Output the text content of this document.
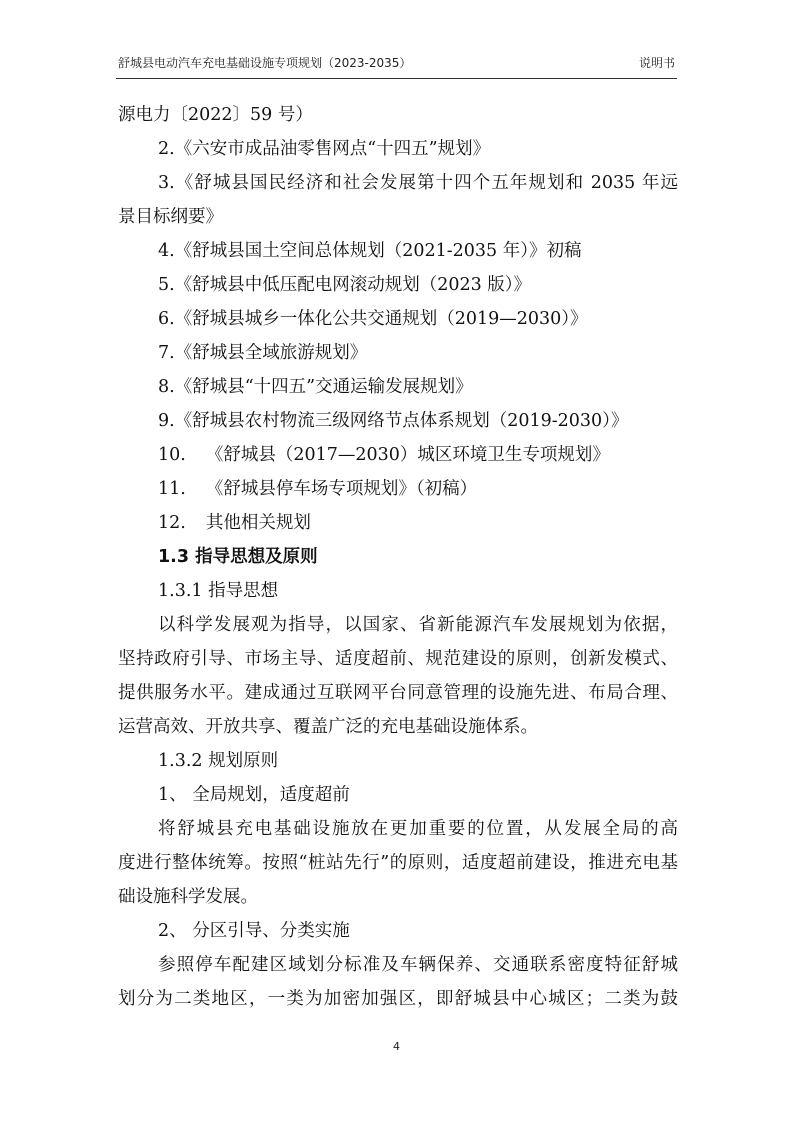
舒城县电动汽车充电基础设施专项规划（2023-2035）	说明书
源电力〔2022〕59 号）
2.《六安市成品油零售网点“十四五”规划》
3.《舒城县国民经济和社会发展第十四个五年规划和 2035 年远
景目标纲要》
4.《舒城县国土空间总体规划（2021-2035 年）》初稿
5.《舒城县中低压配电网滚动规划（2023 版）》
6.《舒城县城乡一体化公共交通规划（2019—2030）》
7.《舒城县全域旅游规划》
8.《舒城县“十四五”交通运输发展规划》
9.《舒城县农村物流三级网络节点体系规划（2019-2030）》
10. 《舒城县（2017—2030）城区环境卫生专项规划》
11. 《舒城县停车场专项规划》（初稿）
12. 其他相关规划
1.3 指导思想及原则
1.3.1 指导思想
以科学发展观为指导，以国家、省新能源汽车发展规划为依据，
坚持政府引导、市场主导、适度超前、规范建设的原则，创新发模式、
提供服务水平。建成通过互联网平台同意管理的设施先进、布局合理、
运营高效、开放共享、覆盖广泛的充电基础设施体系。
1.3.2 规划原则
1、 全局规划，适度超前
将舒城县充电基础设施放在更加重要的位置，从发展全局的高
度进行整体统筹。按照“桩站先行”的原则，适度超前建设，推进充电基
础设施科学发展。
2、 分区引导、分类实施
参照停车配建区域划分标准及车辆保养、交通联系密度特征舒城
划分为二类地区，一类为加密加强区，即舒城县中心城区；二类为鼓
4
